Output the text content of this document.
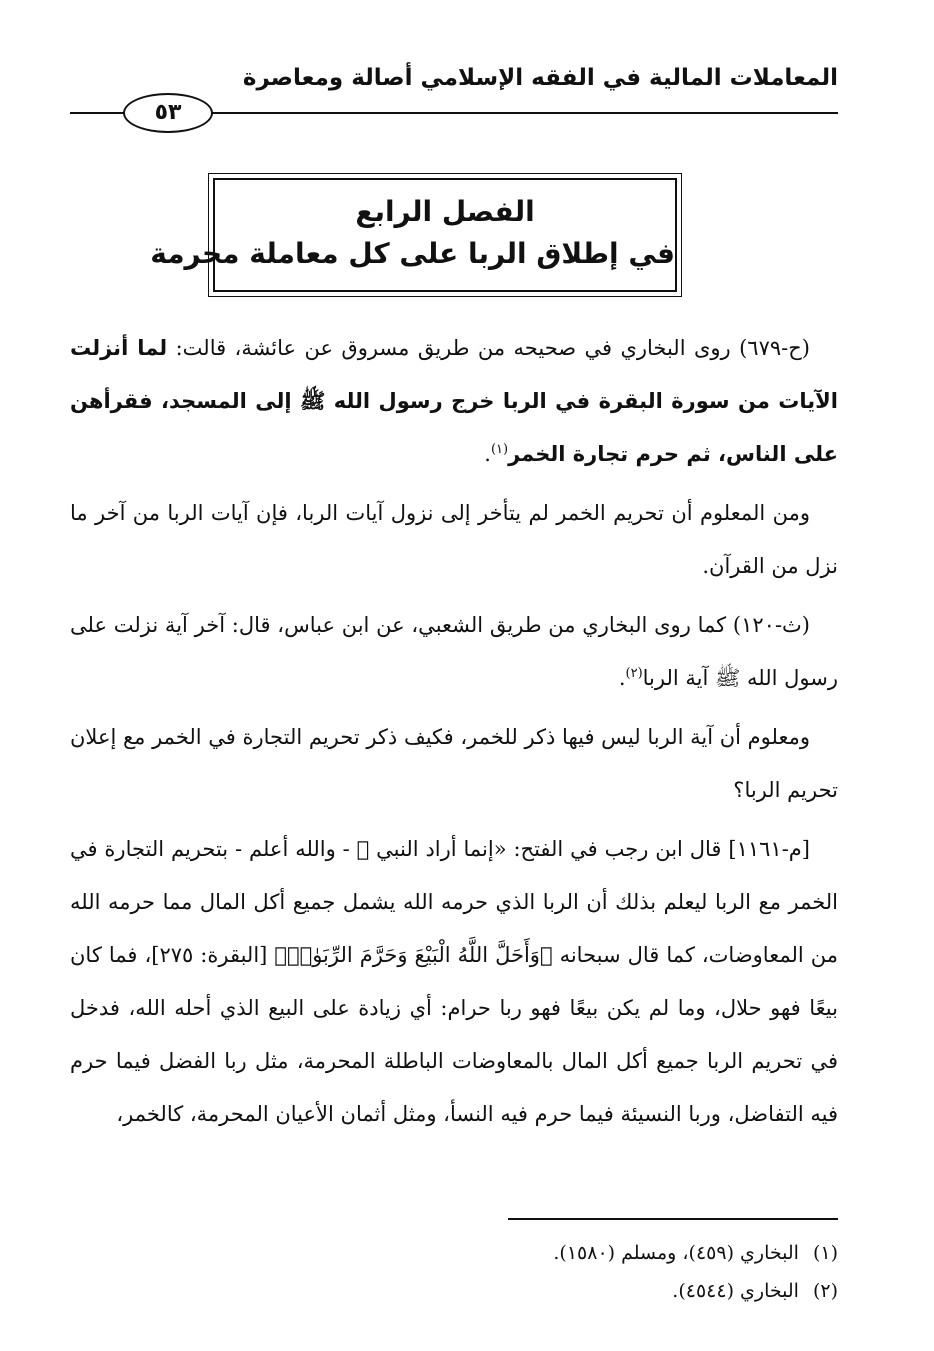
المعاملات المالية في الفقه الإسلامي أصالة ومعاصرة
٥٣
الفصل الرابع
في إطلاق الربا على كل معاملة محرمة

(ح-٦٧٩) روى البخاري في صحيحه من طريق مسروق عن عائشة، قالت: لما أنزلت الآيات من سورة البقرة في الربا خرج رسول الله ﷺ إلى المسجد، فقرأهن على الناس، ثم حرم تجارة الخمر$^{(١)}$.

ومن المعلوم أن تحريم الخمر لم يتأخر إلى نزول آيات الربا، فإن آيات الربا من آخر ما نزل من القرآن.

(ث-١٢٠) كما روى البخاري من طريق الشعبي، عن ابن عباس، قال: آخر آية نزلت على رسول الله ﷺ آية الربا$^{(٢)}$.

ومعلوم أن آية الربا ليس فيها ذكر للخمر، فكيف ذكر تحريم التجارة في الخمر مع إعلان تحريم الربا؟

[م-١١٦١] قال ابن رجب في الفتح: «إنما أراد النبي ﷺ - والله أعلم - بتحريم التجارة في الخمر مع الربا ليعلم بذلك أن الربا الذي حرمه الله يشمل جميع أكل المال مما حرمه الله من المعاوضات، كما قال سبحانه ﴿وَأَحَلَّ اللَّهُ الْبَيْعَ وَحَرَّمَ الرِّبَوٰا۟﴾ [البقرة: ٢٧٥]، فما كان بيعًا فهو حلال، وما لم يكن بيعًا فهو ربا حرام: أي زيادة على البيع الذي أحله الله، فدخل في تحريم الربا جميع أكل المال بالمعاوضات الباطلة المحرمة، مثل ربا الفضل فيما حرم فيه التفاضل، وربا النسيئة فيما حرم فيه النسأ، ومثل أثمان الأعيان المحرمة، كالخمر،

(١)البخاري (٤٥٩)، ومسلم (١٥٨٠).
(٢)البخاري (٤٥٤٤).
